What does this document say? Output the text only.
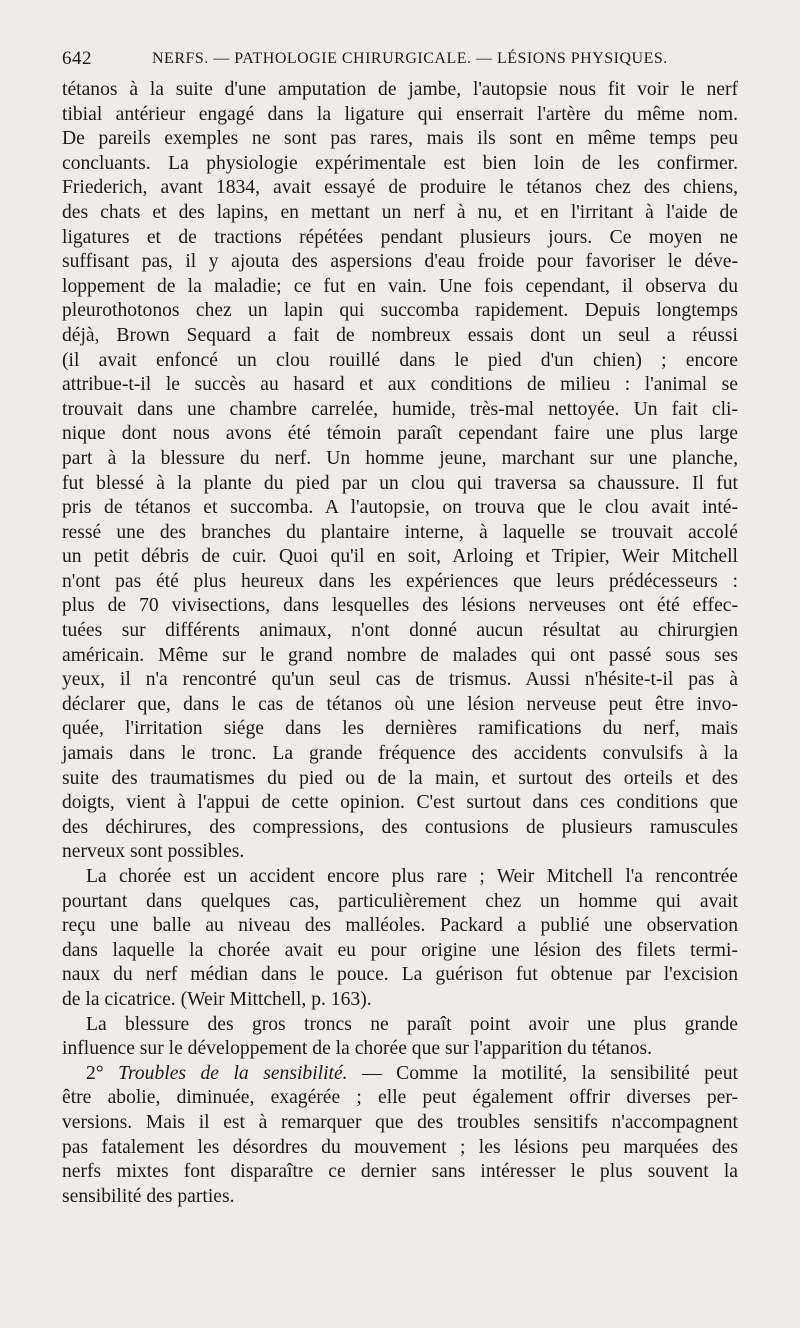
642	NERFS. — PATHOLOGIE CHIRURGICALE. — LÉSIONS PHYSIQUES.

tétanos à la suite d'une amputation de jambe, l'autopsie nous fit voir le nerf
tibial antérieur engagé dans la ligature qui enserrait l'artère du même nom.
De pareils exemples ne sont pas rares, mais ils sont en même temps peu
concluants. La physiologie expérimentale est bien loin de les confirmer.
Friederich, avant 1834, avait essayé de produire le tétanos chez des chiens,
des chats et des lapins, en mettant un nerf à nu, et en l'irritant à l'aide de
ligatures et de tractions répétées pendant plusieurs jours. Ce moyen ne
suffisant pas, il y ajouta des aspersions d'eau froide pour favoriser le déve-
loppement de la maladie; ce fut en vain. Une fois cependant, il observa du
pleurothotonos chez un lapin qui succomba rapidement. Depuis longtemps
déjà, Brown Sequard a fait de nombreux essais dont un seul a réussi
(il avait enfoncé un clou rouillé dans le pied d'un chien) ; encore
attribue-t-il le succès au hasard et aux conditions de milieu : l'animal se
trouvait dans une chambre carrelée, humide, très-mal nettoyée. Un fait cli-
nique dont nous avons été témoin paraît cependant faire une plus large
part à la blessure du nerf. Un homme jeune, marchant sur une planche,
fut blessé à la plante du pied par un clou qui traversa sa chaussure. Il fut
pris de tétanos et succomba. A l'autopsie, on trouva que le clou avait inté-
ressé une des branches du plantaire interne, à laquelle se trouvait accolé
un petit débris de cuir. Quoi qu'il en soit, Arloing et Tripier, Weir Mitchell
n'ont pas été plus heureux dans les expériences que leurs prédécesseurs :
plus de 70 vivisections, dans lesquelles des lésions nerveuses ont été effec-
tuées sur différents animaux, n'ont donné aucun résultat au chirurgien
américain. Même sur le grand nombre de malades qui ont passé sous ses
yeux, il n'a rencontré qu'un seul cas de trismus. Aussi n'hésite-t-il pas à
déclarer que, dans le cas de tétanos où une lésion nerveuse peut être invo-
quée, l'irritation siége dans les dernières ramifications du nerf, mais
jamais dans le tronc. La grande fréquence des accidents convulsifs à la
suite des traumatismes du pied ou de la main, et surtout des orteils et des
doigts, vient à l'appui de cette opinion. C'est surtout dans ces conditions que
des déchirures, des compressions, des contusions de plusieurs ramuscules
nerveux sont possibles.

La chorée est un accident encore plus rare ; Weir Mitchell l'a rencontrée
pourtant dans quelques cas, particulièrement chez un homme qui avait
reçu une balle au niveau des malléoles. Packard a publié une observation
dans laquelle la chorée avait eu pour origine une lésion des filets termi-
naux du nerf médian dans le pouce. La guérison fut obtenue par l'excision
de la cicatrice. (Weir Mittchell, p. 163).

La blessure des gros troncs ne paraît point avoir une plus grande
influence sur le développement de la chorée que sur l'apparition du tétanos.

2° Troubles de la sensibilité. — Comme la motilité, la sensibilité peut
être abolie, diminuée, exagérée ; elle peut également offrir diverses per-
versions. Mais il est à remarquer que des troubles sensitifs n'accompagnent
pas fatalement les désordres du mouvement ; les lésions peu marquées des
nerfs mixtes font disparaître ce dernier sans intéresser le plus souvent la
sensibilité des parties.
